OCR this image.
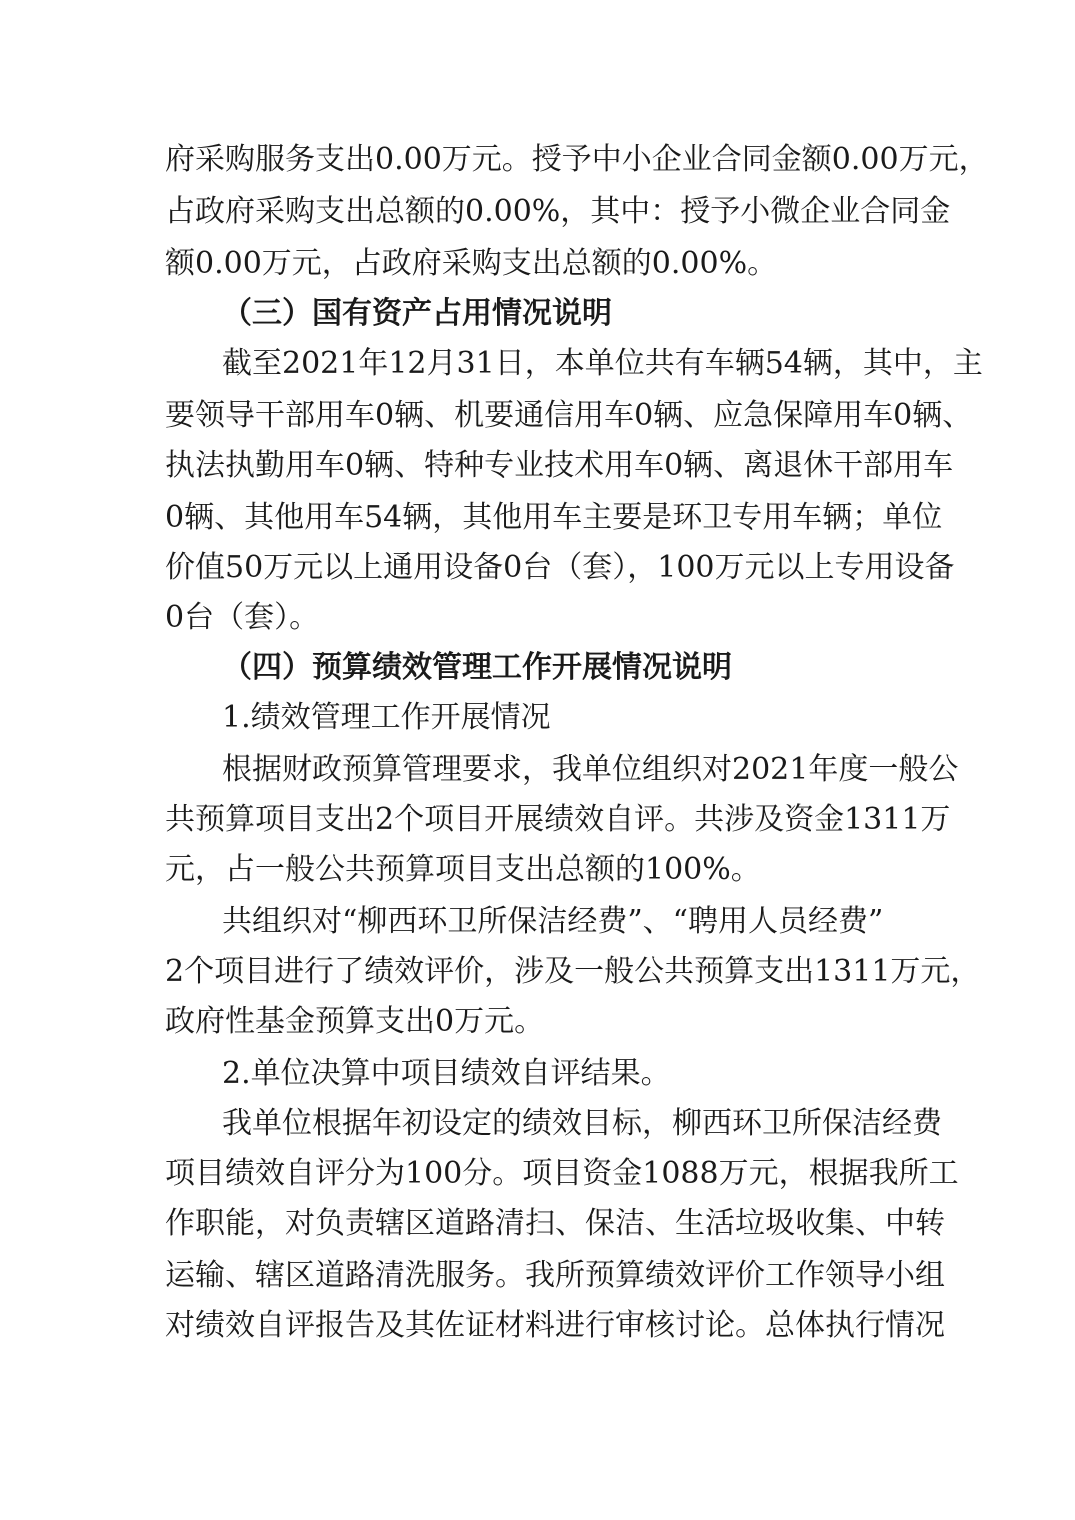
府采购服务支出0.00万元。授予中小企业合同金额0.00万元，
占政府采购支出总额的0.00%，其中：授予小微企业合同金
额0.00万元，占政府采购支出总额的0.00%。
（三）国有资产占用情况说明
截至2021年12月31日，本单位共有车辆54辆，其中，主
要领导干部用车0辆、机要通信用车0辆、应急保障用车0辆、
执法执勤用车0辆、特种专业技术用车0辆、离退休干部用车
0辆、其他用车54辆，其他用车主要是环卫专用车辆；单位
价值50万元以上通用设备0台（套），100万元以上专用设备
0台（套）。
（四）预算绩效管理工作开展情况说明
1.绩效管理工作开展情况
根据财政预算管理要求，我单位组织对2021年度一般公
共预算项目支出2个项目开展绩效自评。共涉及资金1311万
元，占一般公共预算项目支出总额的100%。
共组织对“柳西环卫所保洁经费”、“聘用人员经费”
2个项目进行了绩效评价，涉及一般公共预算支出1311万元，
政府性基金预算支出0万元。
2.单位决算中项目绩效自评结果。
我单位根据年初设定的绩效目标，柳西环卫所保洁经费
项目绩效自评分为100分。项目资金1088万元，根据我所工
作职能，对负责辖区道路清扫、保洁、生活垃圾收集、中转
运输、辖区道路清洗服务。我所预算绩效评价工作领导小组
对绩效自评报告及其佐证材料进行审核讨论。总体执行情况
